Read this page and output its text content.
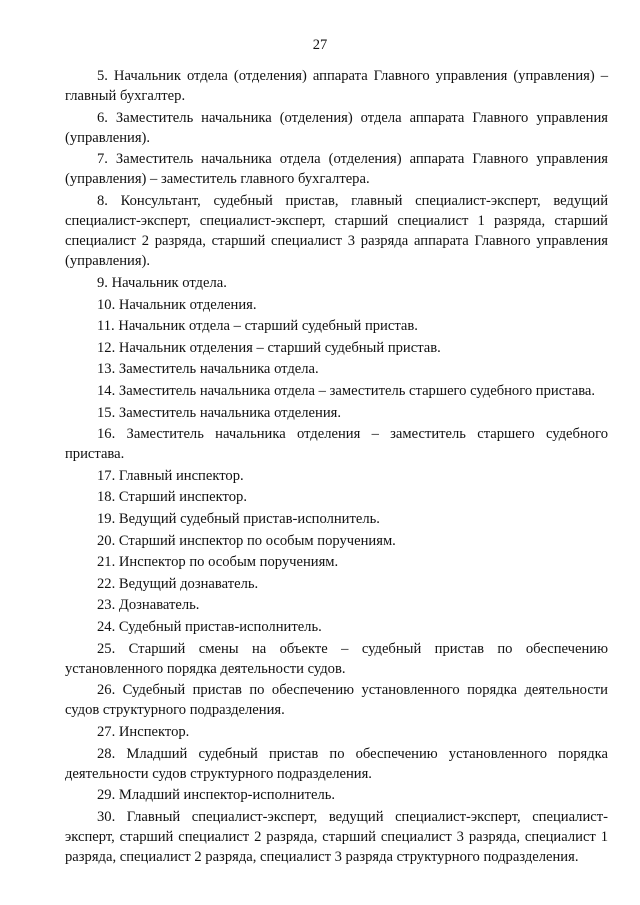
27

5. Начальник отдела (отделения) аппарата Главного управления (управления) – главный бухгалтер.

6. Заместитель начальника (отделения) отдела аппарата Главного управления (управления).

7. Заместитель начальника отдела (отделения) аппарата Главного управления (управления) – заместитель главного бухгалтера.

8. Консультант, судебный пристав, главный специалист-эксперт, ведущий специалист-эксперт, специалист-эксперт, старший специалист 1 разряда, старший специалист 2 разряда, старший специалист 3 разряда аппарата Главного управления (управления).

9. Начальник отдела.

10. Начальник отделения.

11. Начальник отдела – старший судебный пристав.

12. Начальник отделения – старший судебный пристав.

13. Заместитель начальника отдела.

14. Заместитель начальника отдела – заместитель старшего судебного пристава.

15. Заместитель начальника отделения.

16. Заместитель начальника отделения – заместитель старшего судебного пристава.

17. Главный инспектор.

18. Старший инспектор.

19. Ведущий судебный пристав-исполнитель.

20. Старший инспектор по особым поручениям.

21. Инспектор по особым поручениям.

22. Ведущий дознаватель.

23. Дознаватель.

24. Судебный пристав-исполнитель.

25. Старший смены на объекте – судебный пристав по обеспечению установленного порядка деятельности судов.

26. Судебный пристав по обеспечению установленного порядка деятельности судов структурного подразделения.

27. Инспектор.

28. Младший судебный пристав по обеспечению установленного порядка деятельности судов структурного подразделения.

29. Младший инспектор-исполнитель.

30. Главный специалист-эксперт, ведущий специалист-эксперт, специалист-эксперт, старший специалист 2 разряда, старший специалист 3 разряда, специалист 1 разряда, специалист 2 разряда, специалист 3 разряда структурного подразделения.
